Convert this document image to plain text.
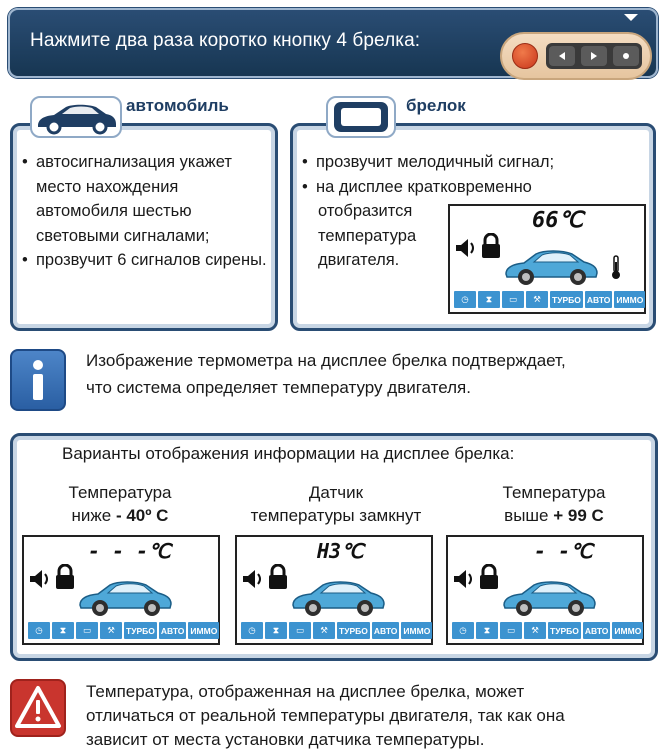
Нажмите два раза коротко кнопку 4 брелка:
автомобиль
• автосигнализация укажет место нахождения автомобиля шестью световыми сигналами;
• прозвучит 6 сигналов сирены.
брелок
• прозвучит мелодичный сигнал;
• на дисплее кратковременно
отобразится температура двигателя.
66℃
◷	⧗	▭	⚒	ТУРБО АВТО ИММО
Изображение термометра на дисплее брелка подтверждает,
что система определяет температуру двигателя.
Варианты отображения информации на дисплее брелка:
Температура
ниже - 40º С
Датчик
температуры замкнут
Температура
выше + 99 С
- - -℃
◷	⧗	▭	⚒	ТУРБО АВТО ИММО
Н3℃
◷	⧗	▭	⚒	ТУРБО АВТО ИММО
- -℃
◷	⧗	▭	⚒	ТУРБО АВТО ИММО
Температура, отображенная на дисплее брелка, может
отличаться от реальной температуры двигателя, так как она
зависит от места установки датчика температуры.
